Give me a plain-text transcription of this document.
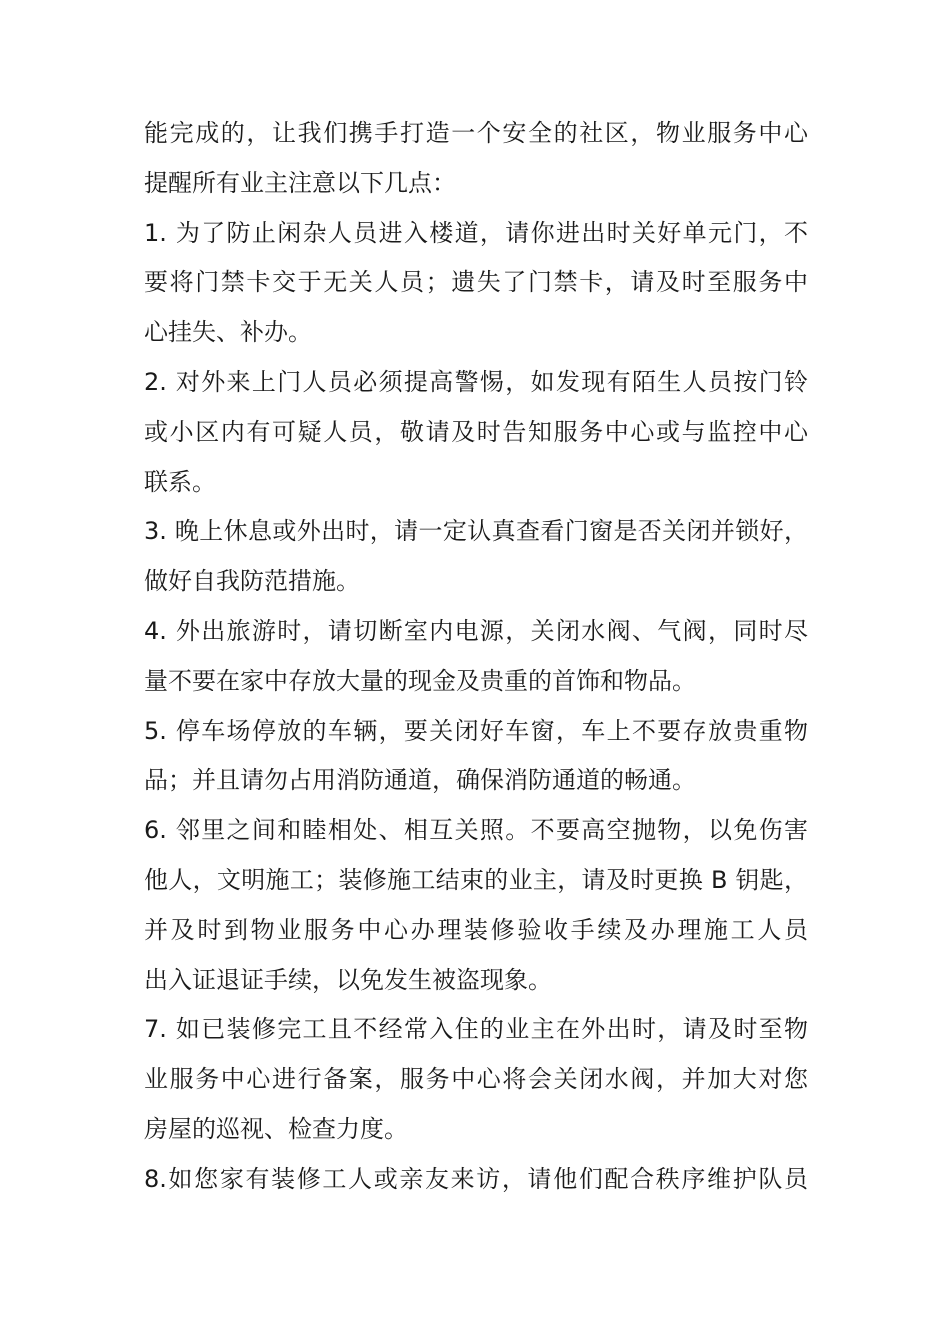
能完成的，让我们携手打造一个安全的社区，物业服务中心
提醒所有业主注意以下几点：
1. 为了防止闲杂人员进入楼道，请你进出时关好单元门，不
要将门禁卡交于无关人员；遗失了门禁卡，请及时至服务中
心挂失、补办。
2. 对外来上门人员必须提高警惕，如发现有陌生人员按门铃
或小区内有可疑人员，敬请及时告知服务中心或与监控中心
联系。
3. 晚上休息或外出时，请一定认真查看门窗是否关闭并锁好，
做好自我防范措施。
4. 外出旅游时，请切断室内电源，关闭水阀、气阀，同时尽
量不要在家中存放大量的现金及贵重的首饰和物品。
5. 停车场停放的车辆，要关闭好车窗，车上不要存放贵重物
品；并且请勿占用消防通道，确保消防通道的畅通。
6. 邻里之间和睦相处、相互关照。不要高空抛物，以免伤害
他人，文明施工；装修施工结束的业主，请及时更换 B 钥匙，
并及时到物业服务中心办理装修验收手续及办理施工人员
出入证退证手续，以免发生被盗现象。
7. 如已装修完工且不经常入住的业主在外出时，请及时至物
业服务中心进行备案，服务中心将会关闭水阀，并加大对您
房屋的巡视、检查力度。
8.如您家有装修工人或亲友来访，请他们配合秩序维护队员
